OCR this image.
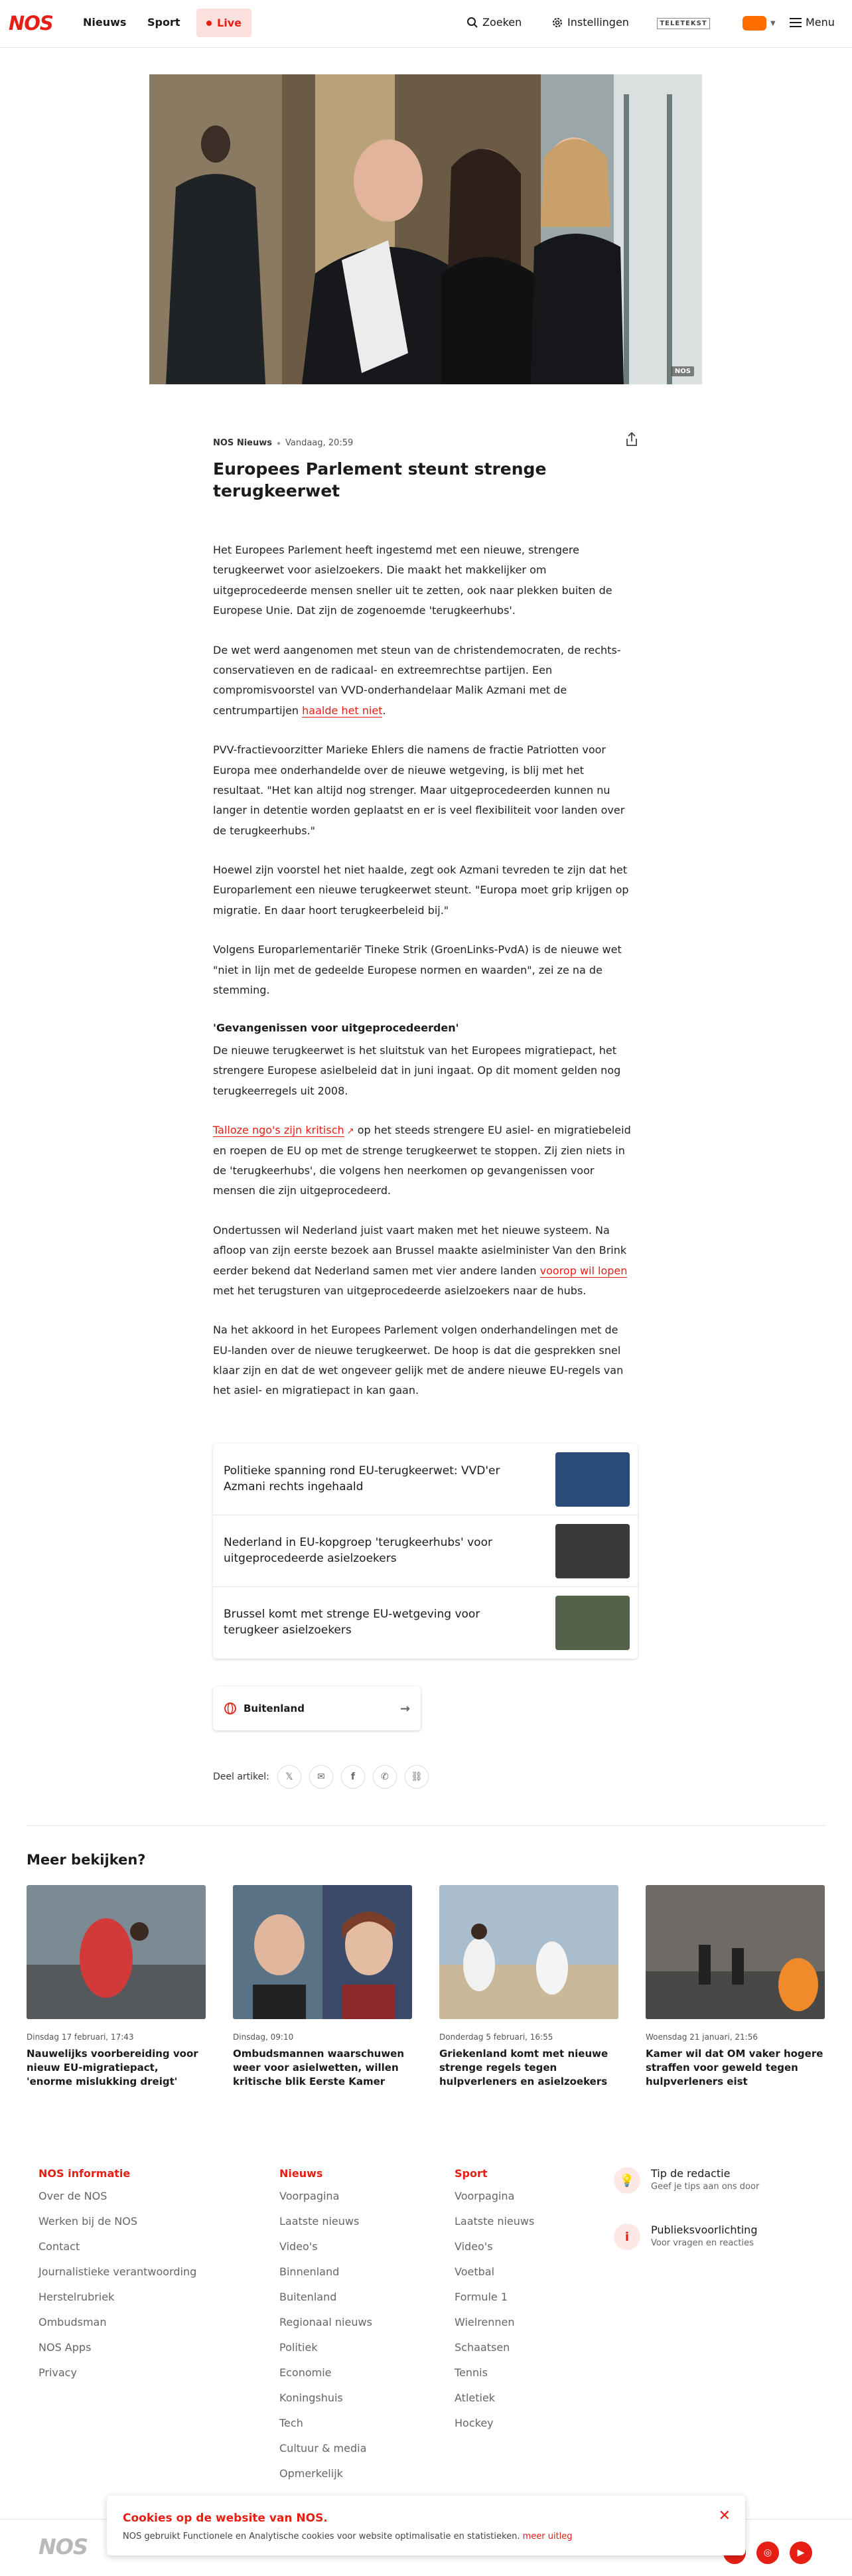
NOS	Nieuws Sport	Live	Zoeken	Instellingen	TELETEKST	▼	Menu
NOS
NOS Nieuws Vandaag, 20:59
Europees Parlement steunt strenge terugkeerwet

Het Europees Parlement heeft ingestemd met een nieuwe, strengere terugkeerwet voor asielzoekers. Die maakt het makkelijker om uitgeprocedeerde mensen sneller uit te zetten, ook naar plekken buiten de Europese Unie. Dat zijn de zogenoemde 'terugkeerhubs'.

De wet werd aangenomen met steun van de christendemocraten, de rechts-conservatieven en de radicaal- en extreemrechtse partijen. Een compromisvoorstel van VVD-onderhandelaar Malik Azmani met de centrumpartijen haalde het niet.

PVV-fractievoorzitter Marieke Ehlers die namens de fractie Patriotten voor Europa mee onderhandelde over de nieuwe wetgeving, is blij met het resultaat. "Het kan altijd nog strenger. Maar uitgeprocedeerden kunnen nu langer in detentie worden geplaatst en er is veel flexibiliteit voor landen over de terugkeerhubs."

Hoewel zijn voorstel het niet haalde, zegt ook Azmani tevreden te zijn dat het Europarlement een nieuwe terugkeerwet steunt. "Europa moet grip krijgen op migratie. En daar hoort terugkeerbeleid bij."

Volgens Europarlementariër Tineke Strik (GroenLinks-PvdA) is de nieuwe wet "niet in lijn met de gedeelde Europese normen en waarden", zei ze na de stemming.

'Gevangenissen voor uitgeprocedeerden'

De nieuwe terugkeerwet is het sluitstuk van het Europees migratiepact, het strengere Europese asielbeleid dat in juni ingaat. Op dit moment gelden nog terugkeerregels uit 2008.

Talloze ngo's zijn kritisch ↗ op het steeds strengere EU asiel- en migratiebeleid en roepen de EU op met de strenge terugkeerwet te stoppen. Zij zien niets in de 'terugkeerhubs', die volgens hen neerkomen op gevangenissen voor mensen die zijn uitgeprocedeerd.

Ondertussen wil Nederland juist vaart maken met het nieuwe systeem. Na afloop van zijn eerste bezoek aan Brussel maakte asielminister Van den Brink eerder bekend dat Nederland samen met vier andere landen voorop wil lopen met het terugsturen van uitgeprocedeerde asielzoekers naar de hubs.

Na het akkoord in het Europees Parlement volgen onderhandelingen met de EU-landen over de nieuwe terugkeerwet. De hoop is dat die gesprekken snel klaar zijn en dat de wet ongeveer gelijk met de andere nieuwe EU-regels van het asiel- en migratiepact in kan gaan.

Politieke spanning rond EU-terugkeerwet: VVD'er Azmani rechts ingehaald
Nederland in EU-kopgroep 'terugkeerhubs' voor uitgeprocedeerde asielzoekers
Brussel komt met strenge EU-wetgeving voor terugkeer asielzoekers
Buitenland	→
Deel artikel:	𝕏	✉	f	✆	⛓
Meer bekijken?
Dinsdag 17 februari, 17:43
Nauwelijks voorbereiding voor nieuw EU-migratiepact, 'enorme mislukking dreigt'
Dinsdag, 09:10
Ombudsmannen waarschuwen weer voor asielwetten, willen kritische blik Eerste Kamer
Donderdag 5 februari, 16:55
Griekenland komt met nieuwe strenge regels tegen hulpverleners en asielzoekers
Woensdag 21 januari, 21:56
Kamer wil dat OM vaker hogere straffen voor geweld tegen hulpverleners eist
NOS informatie
Over de NOS
Werken bij de NOS
Contact
Journalistieke verantwoording
Herstelrubriek
Ombudsman
NOS Apps
Privacy
Nieuws
Voorpagina
Laatste nieuws
Video's
Binnenland
Buitenland
Regionaal nieuws
Politiek
Economie
Koningshuis
Tech
Cultuur & media
Opmerkelijk
Sport
Voorpagina
Laatste nieuws
Video's
Voetbal
Formule 1
Wielrennen
Schaatsen
Tennis
Atletiek
Hockey
💡	Tip de redactie
Geef je tips aan ons door
i	Publieksvoorlichting
Voor vragen en reacties
NOS	◎	▶
Cookies op de website van NOS.

NOS gebruikt Functionele en Analytische cookies voor website optimalisatie en statistieken. meer uitleg

✕
